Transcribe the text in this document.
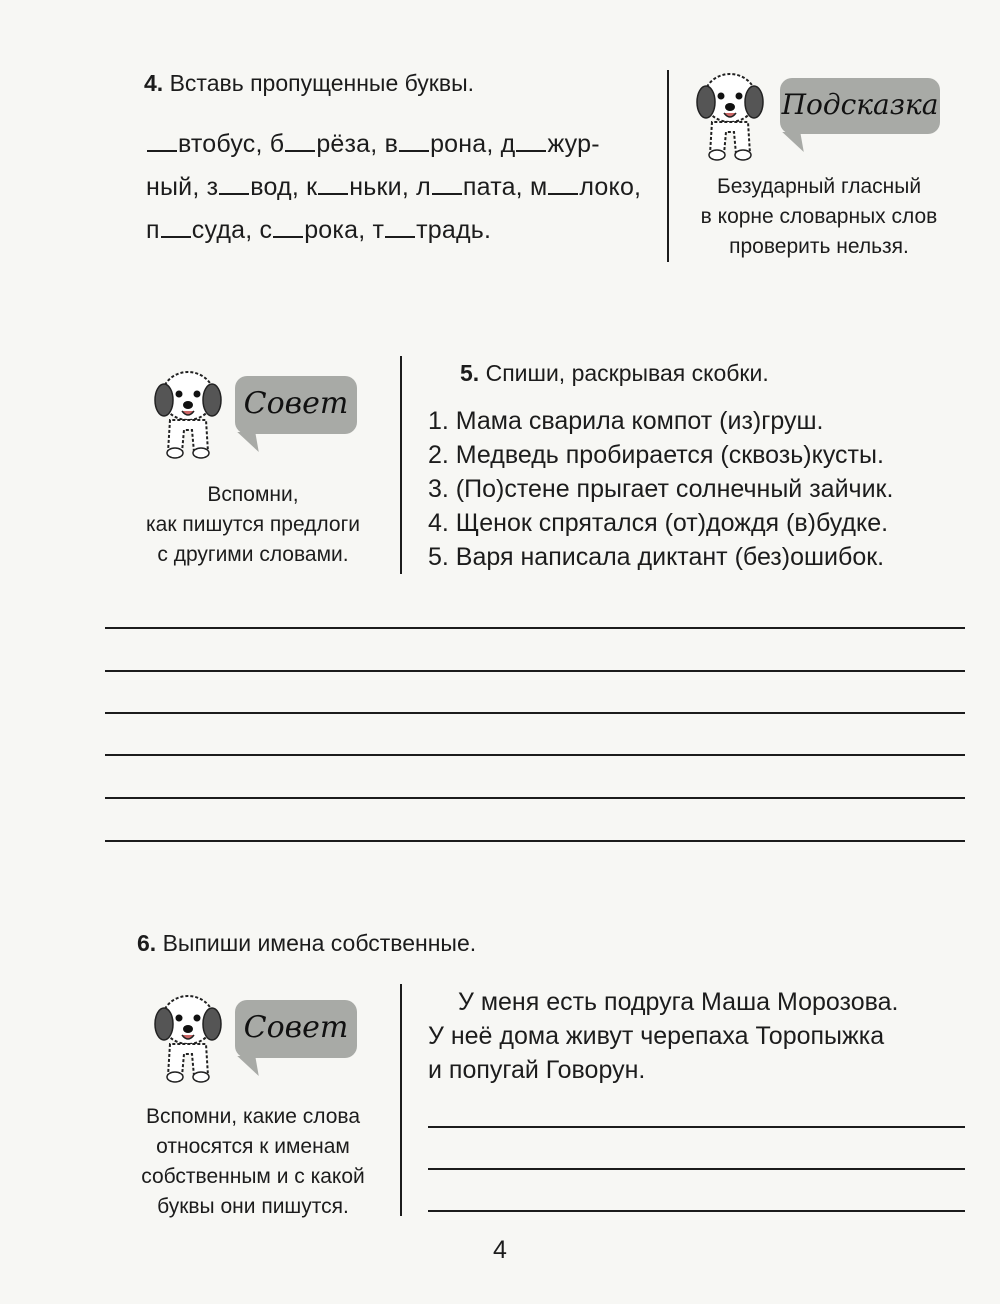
4. Вставь пропущенные буквы.
втобус, б рёза, в рона, д жур-
ный, з вод, к ньки, л пата, м локо,
п суда, с рока, т традь.
Подсказка
Безударный гласный
в корне словарных слов
проверить нельзя.
Совет
Вспомни,
как пишутся предлоги
с другими словами.
5. Спиши, раскрывая скобки.
1. Мама сварила компот (из)груш.
2. Медведь пробирается (сквозь)кусты.
3. (По)стене прыгает солнечный зайчик.
4. Щенок спрятался (от)дождя (в)будке.
5. Варя написала диктант (без)ошибок.
6. Выпиши имена собственные.
Совет
Вспомни, какие слова
относятся к именам
собственным и с какой
буквы они пишутся.
У меня есть подруга Маша Морозова.
У неё дома живут черепаха Торопыжка
и попугай Говорун.
4
